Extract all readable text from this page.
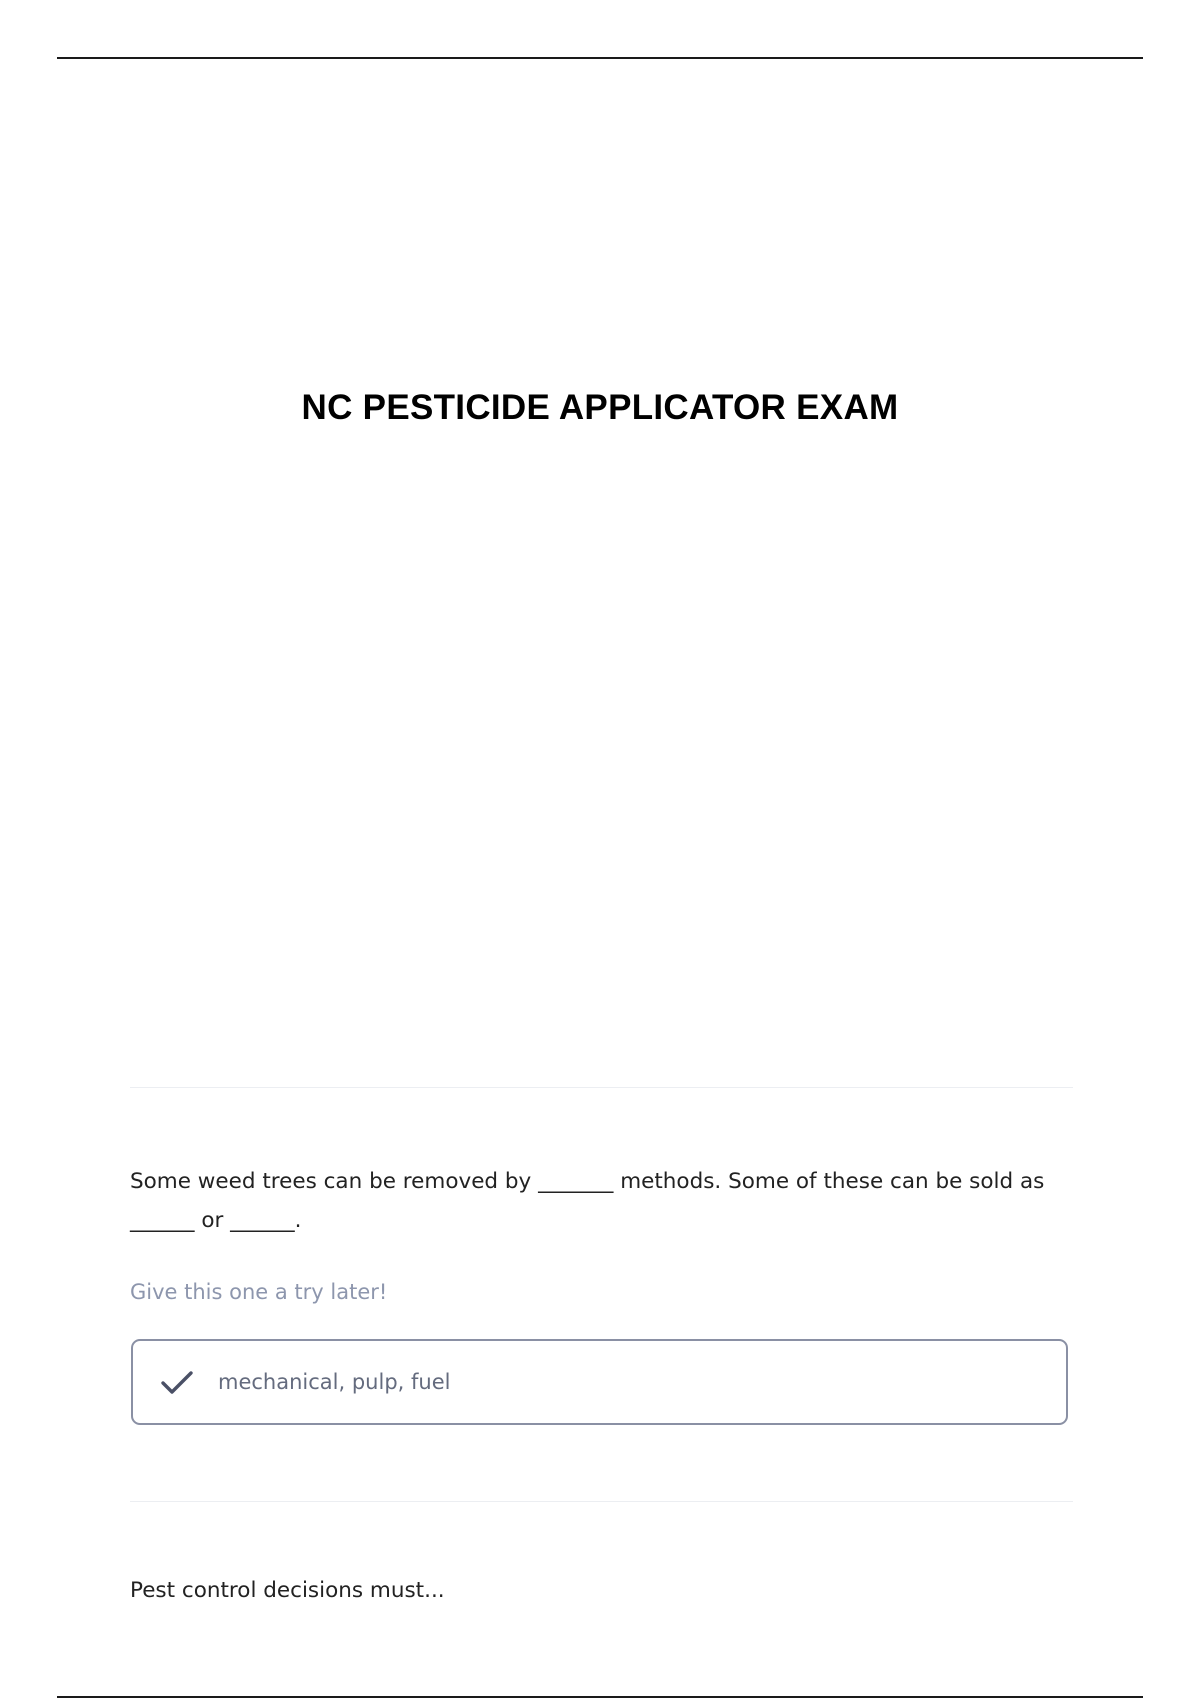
NC PESTICIDE APPLICATOR EXAM

Some weed trees can be removed by _______ methods. Some of these can be sold as ______ or ______.

Give this one a try later!

mechanical, pulp, fuel

Pest control decisions must...
